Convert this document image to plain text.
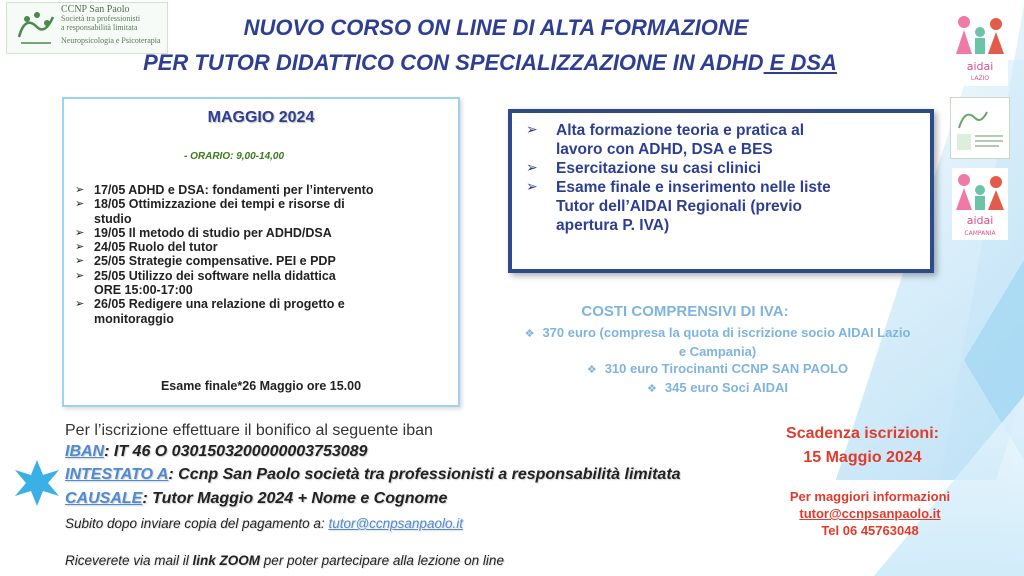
CCNP San Paolo
Società tra professionisti
a responsabilità limitata
Neuropsicologia e Psicoterapia
NUOVO CORSO ON LINE DI ALTA FORMAZIONE
PER TUTOR DIDATTICO CON SPECIALIZZAZIONE IN ADHD E DSA
MAGGIO 2024
- ORARIO: 9,00-14,00
➢ 17/05 ADHD e DSA: fondamenti per l’intervento
➢ 18/05 Ottimizzazione dei tempi e risorse di
studio
➢ 19/05 Il metodo di studio per ADHD/DSA
➢ 24/05 Ruolo del tutor
➢ 25/05 Strategie compensative. PEI e PDP
➢ 25/05 Utilizzo dei software nella didattica
ORE 15:00-17:00
➢ 26/05 Redigere una relazione di progetto e
monitoraggio
Esame finale*26 Maggio ore 15.00
➢ Alta formazione teoria e pratica al
lavoro con ADHD, DSA e BES
➢ Esercitazione su casi clinici
➢ Esame finale e inserimento nelle liste
Tutor dell’AIDAI Regionali (previo
apertura P. IVA)
COSTI COMPRENSIVI DI IVA:
❖ 370 euro (compresa la quota di iscrizione socio AIDAI Lazio
e Campania)
❖ 310 euro Tirocinanti CCNP SAN PAOLO
❖ 345 euro Soci AIDAI
aidai
LAZIO
aidai
CAMPANIA
Per l’iscrizione effettuare il bonifico al seguente iban
IBAN: IT 46 O 0301503200000003753089
INTESTATO A: Ccnp San Paolo società tra professionisti a responsabilità limitata
CAUSALE: Tutor Maggio 2024 + Nome e Cognome
Subito dopo inviare copia del pagamento a: tutor@ccnpsanpaolo.it
Riceverete via mail il link ZOOM per poter partecipare alla lezione on line
Scadenza iscrizioni:
15 Maggio 2024
Per maggiori informazioni
tutor@ccnpsanpaolo.it
Tel 06 45763048
